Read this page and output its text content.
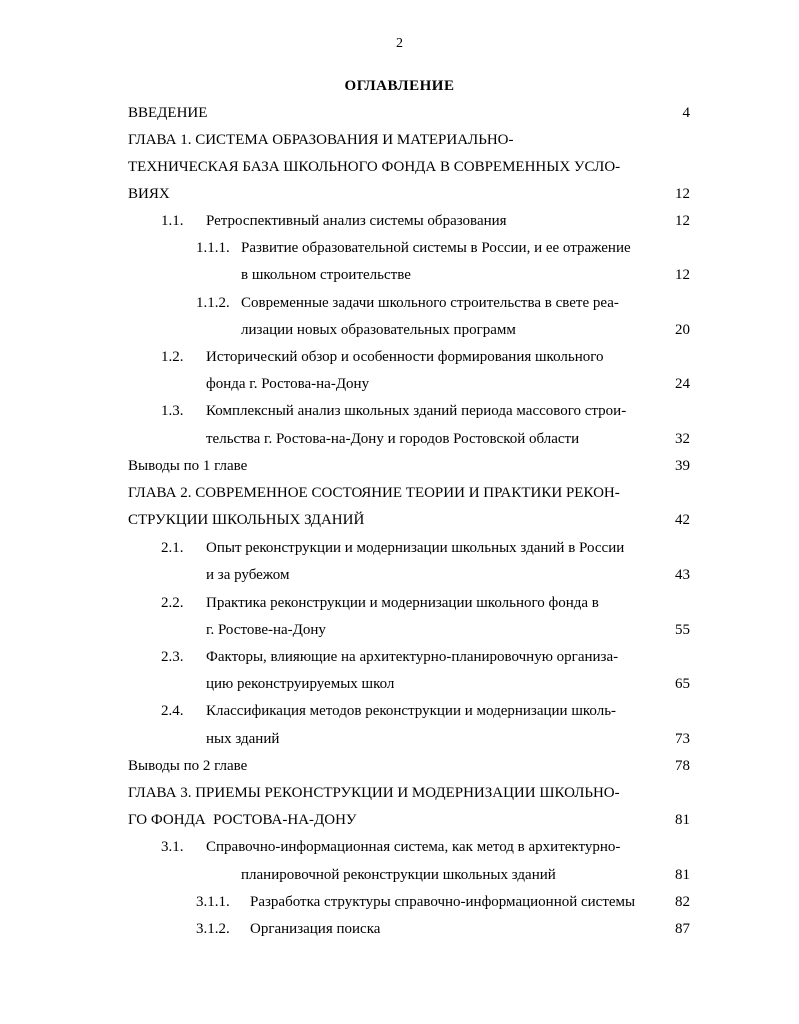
2
ОГЛАВЛЕНИЕ
ВВЕДЕНИЕ	4
ГЛАВА 1. СИСТЕМА ОБРАЗОВАНИЯ И МАТЕРИАЛЬНО-
ТЕХНИЧЕСКАЯ БАЗА ШКОЛЬНОГО ФОНДА В СОВРЕМЕННЫХ УСЛО-
ВИЯХ	12
1.1. Ретроспективный анализ системы образования	12
1.1.1. Развитие образовательной системы в России, и ее отражение
в школьном строительстве	12
1.1.2. Современные задачи школьного строительства в свете реа-
лизации новых образовательных программ	20
1.2. Исторический обзор и особенности формирования школьного
фонда г. Ростова-на-Дону	24
1.3. Комплексный анализ школьных зданий периода массового строи-
тельства г. Ростова-на-Дону и городов Ростовской области	32
Выводы по 1 главе	39
ГЛАВА 2. СОВРЕМЕННОЕ СОСТОЯНИЕ ТЕОРИИ И ПРАКТИКИ РЕКОН-
СТРУКЦИИ ШКОЛЬНЫХ ЗДАНИЙ	42
2.1. Опыт реконструкции и модернизации школьных зданий в России
и за рубежом	43
2.2. Практика реконструкции и модернизации школьного фонда в
г. Ростове-на-Дону	55
2.3. Факторы, влияющие на архитектурно-планировочную организа-
цию реконструируемых школ	65
2.4. Классификация методов реконструкции и модернизации школь-
ных зданий	73
Выводы по 2 главе	78
ГЛАВА 3. ПРИЕМЫ РЕКОНСТРУКЦИИ И МОДЕРНИЗАЦИИ ШКОЛЬНО-
ГО ФОНДА  РОСТОВА-НА-ДОНУ	81
3.1. Справочно-информационная система, как метод в архитектурно-
планировочной реконструкции школьных зданий	81
3.1.1. Разработка структуры справочно-информационной системы	82
3.1.2. Организация поиска	87
